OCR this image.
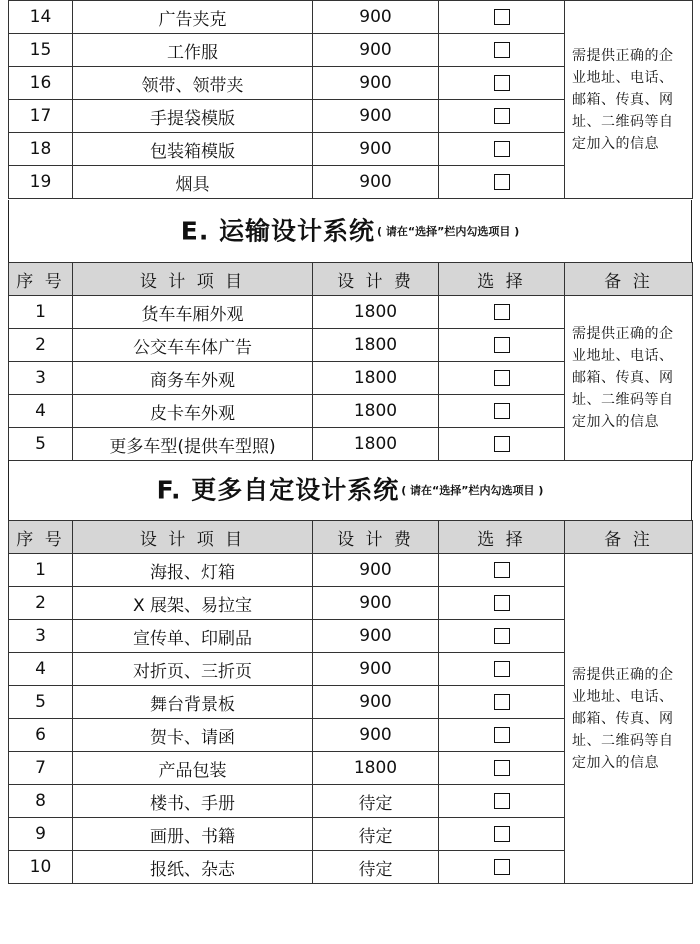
14	广告夹克	900		需提供正确的企业地址、电话、邮箱、传真、网址、二维码等自定加入的信息
15	工作服	900		
16	领带、领带夹	900		
17	手提袋模版	900		
18	包装箱模版	900		
19	烟具	900		
E. 运输设计系统 ( 请在“选择”栏内勾选项目 )
序 号	设 计 项 目	设 计 费	选 择	备 注
1	货车车厢外观	1800		需提供正确的企业地址、电话、邮箱、传真、网址、二维码等自定加入的信息
2	公交车车体广告	1800		
3	商务车外观	1800		
4	皮卡车外观	1800		
5	更多车型(提供车型照)	1800		
F. 更多自定设计系统 ( 请在“选择”栏内勾选项目 )
序 号	设 计 项 目	设 计 费	选 择	备 注
1	海报、灯箱	900		需提供正确的企业地址、电话、邮箱、传真、网址、二维码等自定加入的信息
2	X 展架、易拉宝	900		
3	宣传单、印刷品	900		
4	对折页、三折页	900		
5	舞台背景板	900		
6	贺卡、请函	900		
7	产品包装	1800		
8	楼书、手册	待定		
9	画册、书籍	待定		
10	报纸、杂志	待定		
